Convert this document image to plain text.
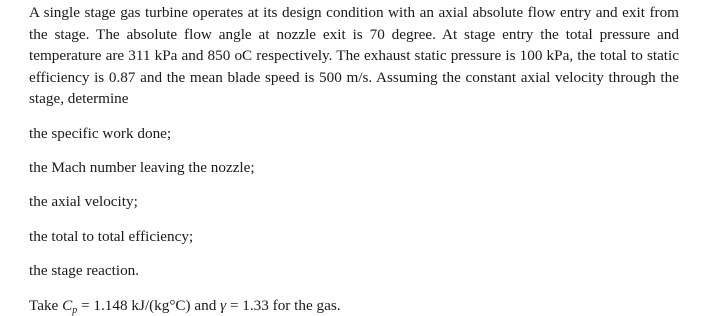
A single stage gas turbine operates at its design condition with an axial absolute flow entry and exit from the stage. The absolute flow angle at nozzle exit is 70 degree. At stage entry the total pressure and temperature are 311 kPa and 850 oC respectively. The exhaust static pressure is 100 kPa, the total to static efficiency is 0.87 and the mean blade speed is 500 m/s. Assuming the constant axial velocity through the stage, determine

the specific work done;
the Mach number leaving the nozzle;
the axial velocity;
the total to total efficiency;
the stage reaction.
Take $C_p = 1.148$ kJ/(kg°C) and γ = 1.33 for the gas.
